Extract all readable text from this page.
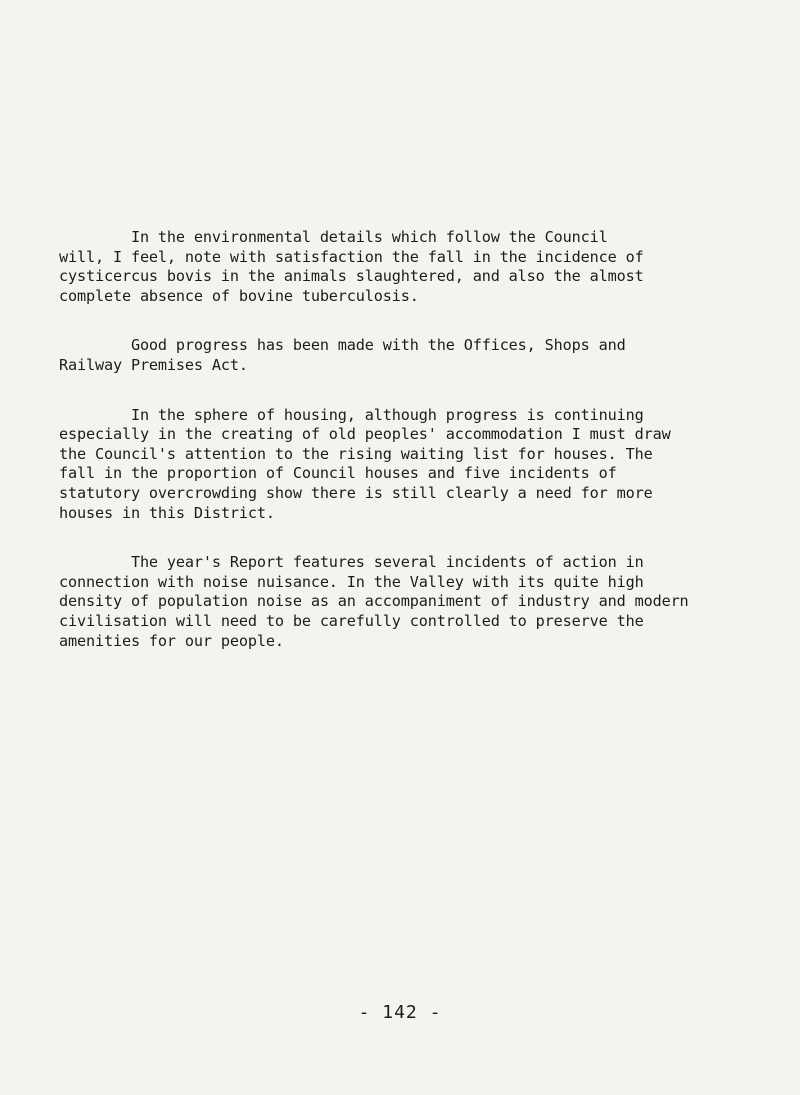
In the environmental details which follow the Council
will, I feel, note with satisfaction the fall in the incidence of
cysticercus bovis in the animals slaughtered, and also the almost
complete absence of bovine tuberculosis.

Good progress has been made with the Offices, Shops and
Railway Premises Act.

In the sphere of housing, although progress is continuing
especially in the creating of old peoples' accommodation I must draw
the Council's attention to the rising waiting list for houses. The
fall in the proportion of Council houses and five incidents of
statutory overcrowding show there is still clearly a need for more
houses in this District.

The year's Report features several incidents of action in
connection with noise nuisance. In the Valley with its quite high
density of population noise as an accompaniment of industry and modern
civilisation will need to be carefully controlled to preserve the
amenities for our people.

- 142 -
